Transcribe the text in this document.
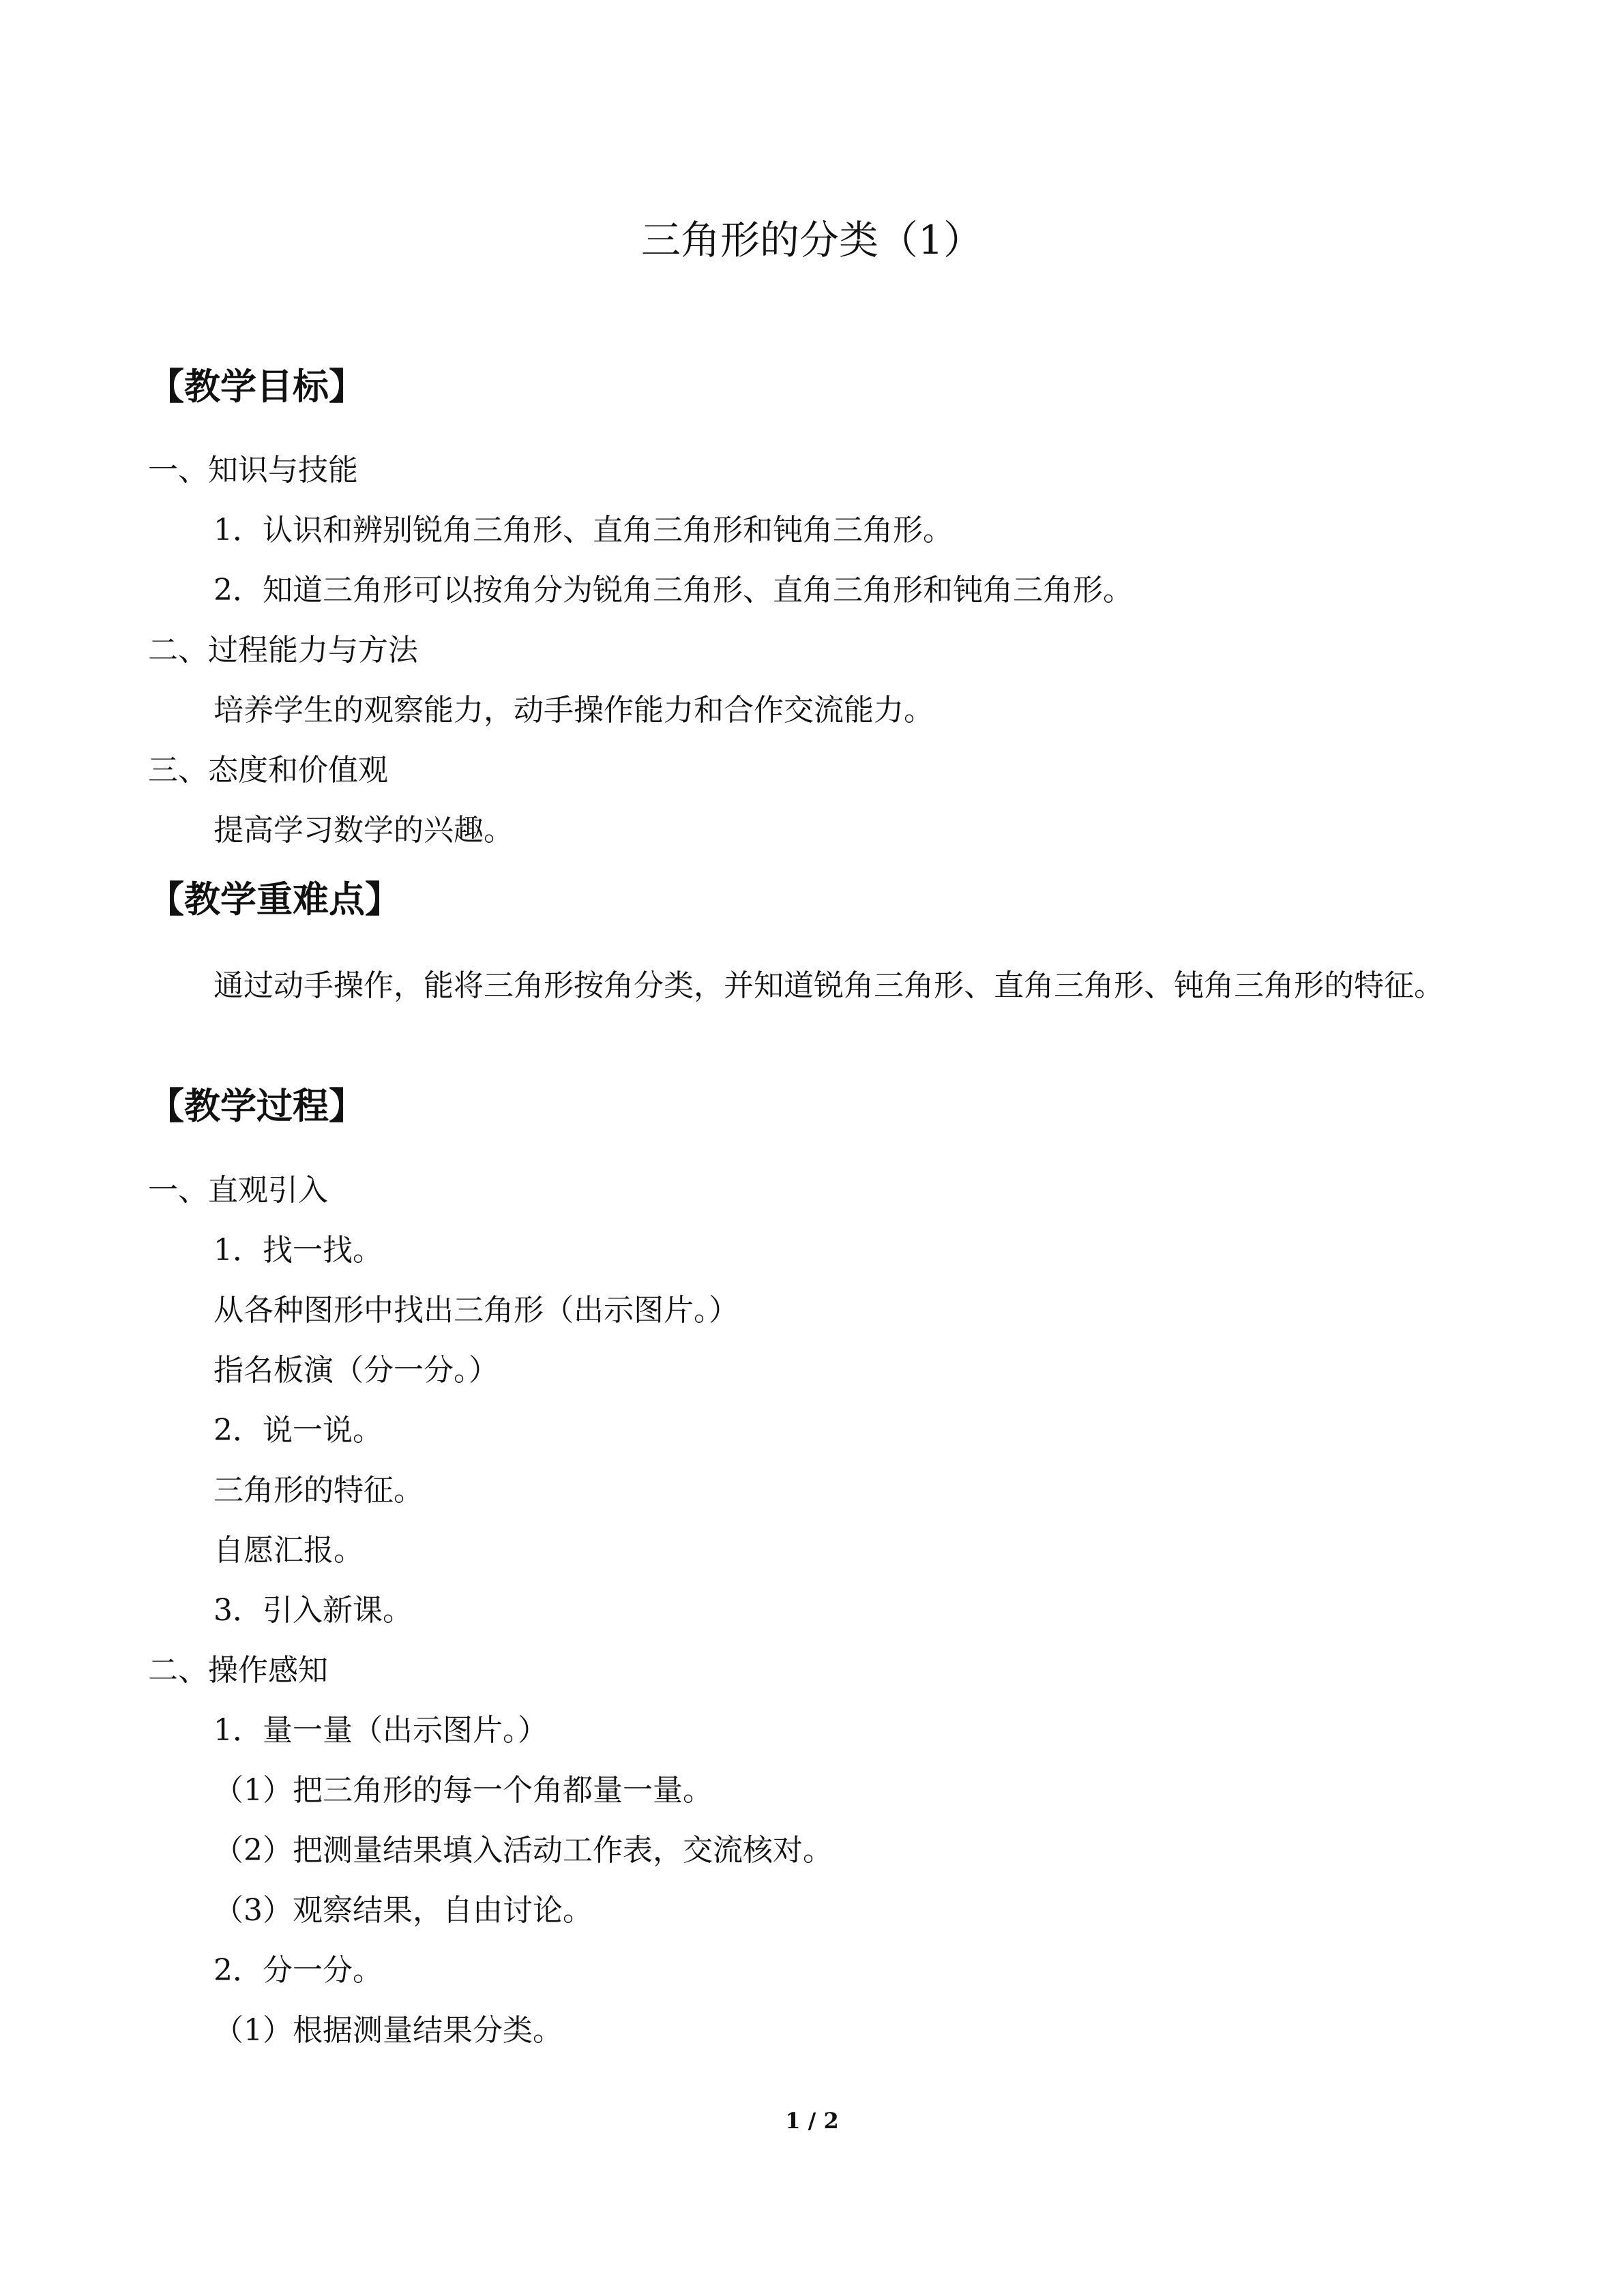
三角形的分类（1）
【教学目标】
一、知识与技能
1．认识和辨别锐角三角形、直角三角形和钝角三角形。
2．知道三角形可以按角分为锐角三角形、直角三角形和钝角三角形。
二、过程能力与方法
培养学生的观察能力，动手操作能力和合作交流能力。
三、态度和价值观
提高学习数学的兴趣。
【教学重难点】
通过动手操作，能将三角形按角分类，并知道锐角三角形、直角三角形、钝角三角形的特征。
【教学过程】
一、直观引入
1．找一找。
从各种图形中找出三角形（出示图片。）
指名板演（分一分。）
2．说一说。
三角形的特征。
自愿汇报。
3．引入新课。
二、操作感知
1．量一量（出示图片。）
（1）把三角形的每一个角都量一量。
（2）把测量结果填入活动工作表，交流核对。
（3）观察结果，自由讨论。
2．分一分。
（1）根据测量结果分类。
1 / 2
